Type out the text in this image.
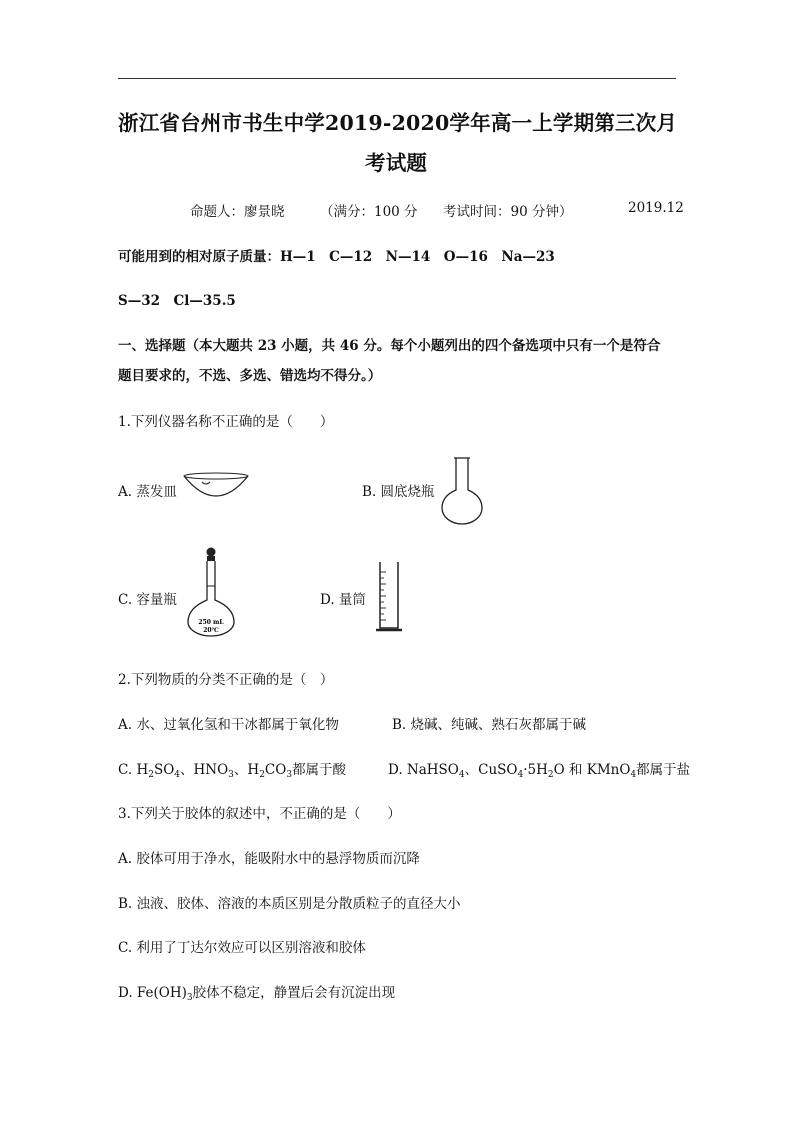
浙江省台州市书生中学2019-2020学年高一上学期第三次月
考试题
命题人：廖景晓	（满分：100 分 考试时间：90 分钟）	2019.12
可能用到的相对原子质量：H—1　C—12　N—14　O—16　Na—23
S—32　Cl—35.5
一、选择题（本大题共 23 小题，共 46 分。每个小题列出的四个备选项中只有一个是符合
题目要求的，不选、多选、错选均不得分。）
1.下列仪器名称不正确的是（　　）
A. 蒸发皿	B. 圆底烧瓶
C. 容量瓶
250 mL
20℃
D. 量筒
2.下列物质的分类不正确的是（　）
A. 水、过氧化氢和干冰都属于氧化物	B. 烧碱、纯碱、熟石灰都属于碱
C. $H_2SO_4$、$HNO_3$、$H_2CO_3$都属于酸	D. NaHSO$_4$、$CuSO_4\cdot 5H_2O$ 和 KMnO$_4$都属于盐
3.下列关于胶体的叙述中，不正确的是（　　）
A. 胶体可用于净水，能吸附水中的悬浮物质而沉降
B. 浊液、胶体、溶液的本质区别是分散质粒子的直径大小
C. 利用了丁达尔效应可以区别溶液和胶体
D. $Fe(OH)_3$胶体不稳定，静置后会有沉淀出现
